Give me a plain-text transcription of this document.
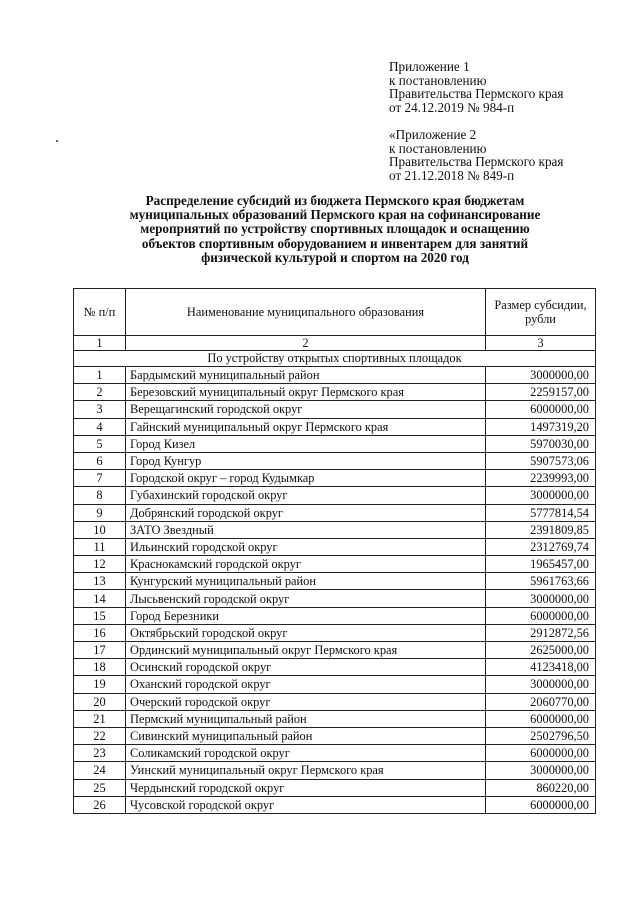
Приложение 1
к постановлению
Правительства Пермского края
от 24.12.2019 № 984-п
«Приложение 2
к постановлению
Правительства Пермского края
от 21.12.2018 № 849-п
Распределение субсидий из бюджета Пермского края бюджетам
муниципальных образований Пермского края на софинансирование
мероприятий по устройству спортивных площадок и оснащению
объектов спортивным оборудованием и инвентарем для занятий
физической культурой и спортом на 2020 год
№ п/п	Наименование муниципального образования	Размер субсидии, рубли
1	2	3
По устройству открытых спортивных площадок		
1	Бардымский муниципальный район	3000000,00
2	Березовский муниципальный округ Пермского края	2259157,00
3	Верещагинский городской округ	6000000,00
4	Гайнский муниципальный округ Пермского края	1497319,20
5	Город Кизел	5970030,00
6	Город Кунгур	5907573,06
7	Городской округ – город Кудымкар	2239993,00
8	Губахинский городской округ	3000000,00
9	Добрянский городской округ	5777814,54
10	ЗАТО Звездный	2391809,85
11	Ильинский городской округ	2312769,74
12	Краснокамский городской округ	1965457,00
13	Кунгурский муниципальный район	5961763,66
14	Лысьвенский городской округ	3000000,00
15	Город Березники	6000000,00
16	Октябрьский городской округ	2912872,56
17	Ординский муниципальный округ Пермского края	2625000,00
18	Осинский городской округ	4123418,00
19	Оханский городской округ	3000000,00
20	Очерский городской округ	2060770,00
21	Пермский муниципальный район	6000000,00
22	Сивинский муниципальный район	2502796,50
23	Соликамский городской округ	6000000,00
24	Уинский муниципальный округ Пермского края	3000000,00
25	Чердынский городской округ	860220,00
26	Чусовской городской округ	6000000,00
